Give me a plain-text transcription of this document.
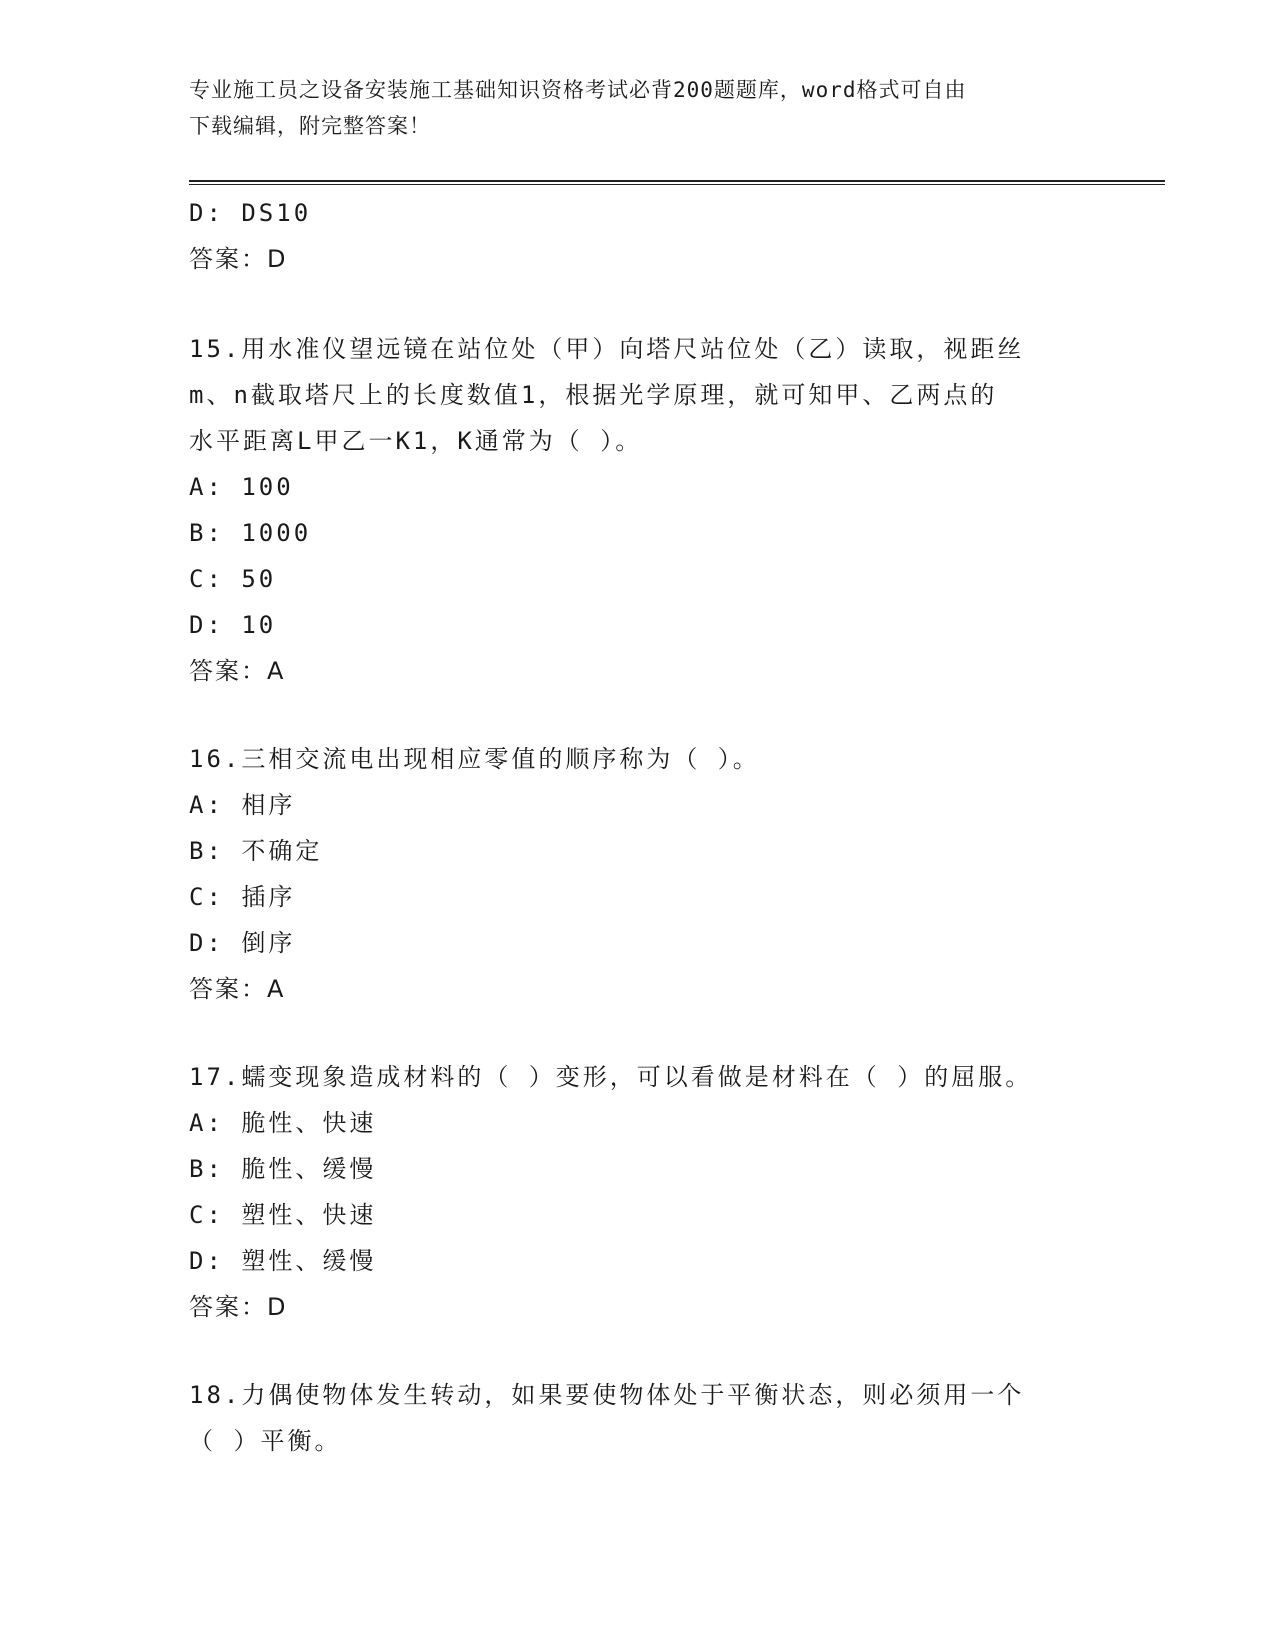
专业施工员之设备安装施工基础知识资格考试必背200题题库，word格式可自由
下载编辑，附完整答案！
D: DS10
答案：D
15.用水准仪望远镜在站位处（甲）向塔尺站位处（乙）读取，视距丝
m、n截取塔尺上的长度数值1，根据光学原理，就可知甲、乙两点的
水平距离L甲乙一K1，K通常为（ ）。
A: 100
B: 1000
C: 50
D: 10
答案：A
16.三相交流电出现相应零值的顺序称为（ ）。
A: 相序
B: 不确定
C: 插序
D: 倒序
答案：A
17.蠕变现象造成材料的（ ）变形，可以看做是材料在（ ）的屈服。
A: 脆性、快速
B: 脆性、缓慢
C: 塑性、快速
D: 塑性、缓慢
答案：D
18.力偶使物体发生转动，如果要使物体处于平衡状态，则必须用一个
（ ）平衡。
